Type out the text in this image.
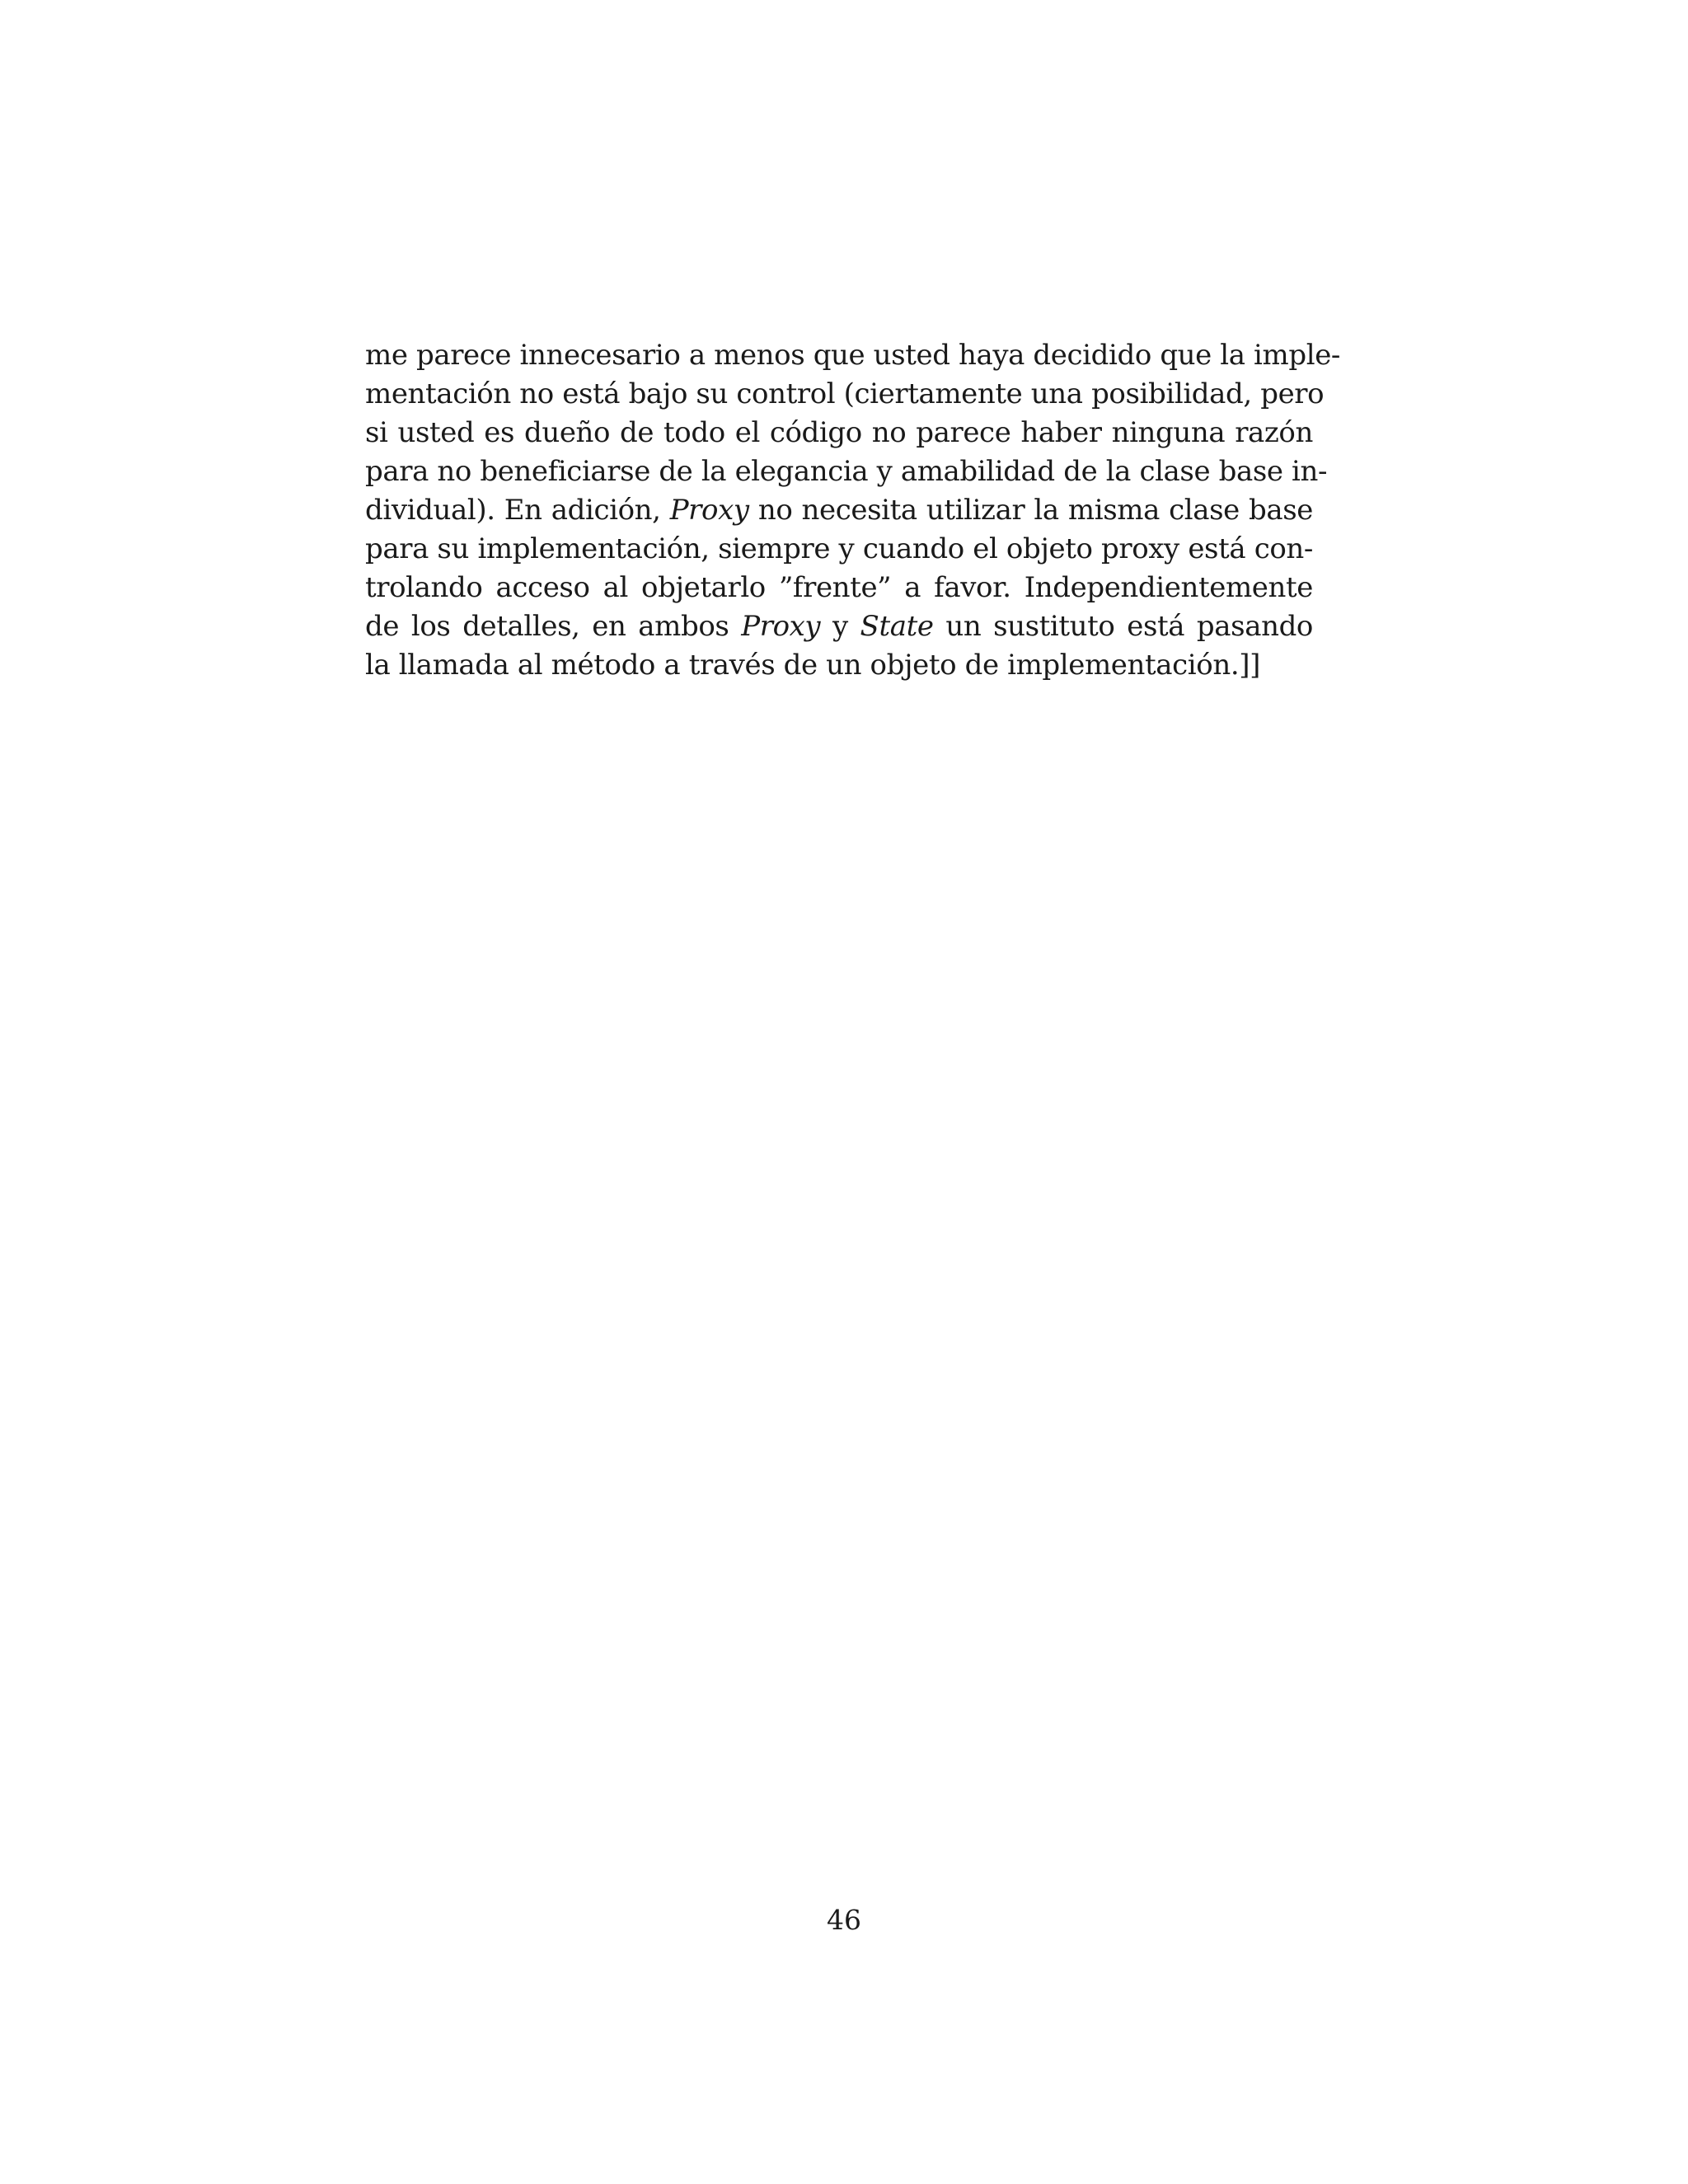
me parece innecesario a menos que usted haya decidido que la imple-
mentación no está bajo su control (ciertamente una posibilidad, pero
si usted es dueño de todo el código no parece haber ninguna razón
para no beneficiarse de la elegancia y amabilidad de la clase base in-
dividual). En adición, Proxy no necesita utilizar la misma clase base
para su implementación, siempre y cuando el objeto proxy está con-
trolando acceso al objetarlo ”frente” a favor. Independientemente
de los detalles, en ambos Proxy y State un sustituto está pasando
la llamada al método a través de un objeto de implementación.]]
46
